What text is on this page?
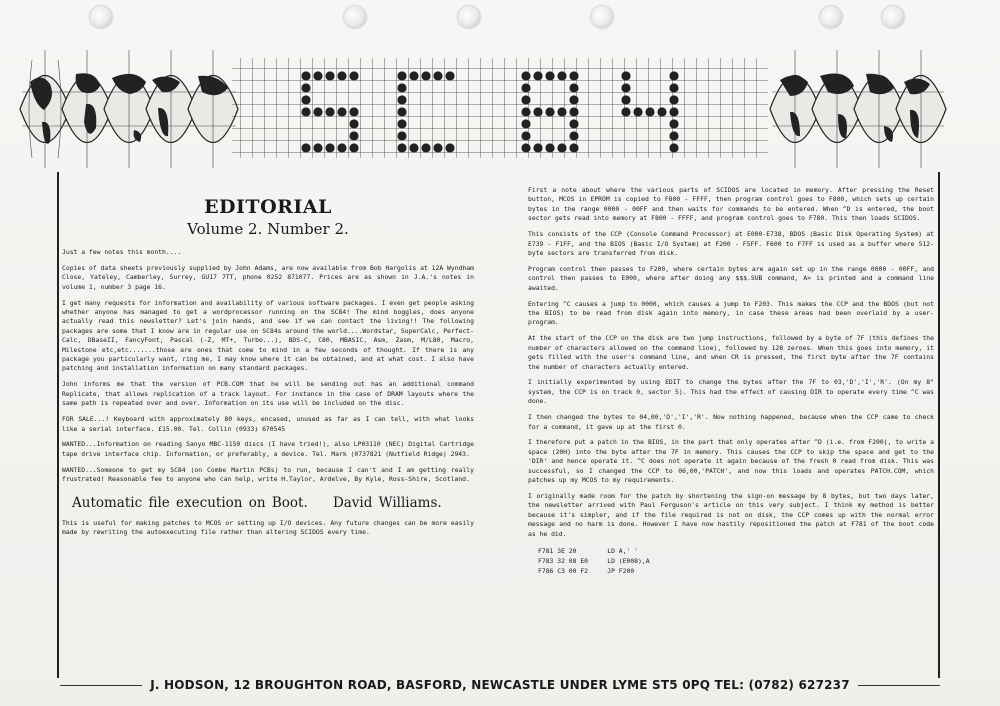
SC 84
EDITORIAL
Volume 2. Number 2.

Just a few notes this month....

Copies of data sheets previously supplied by John Adams, are now available from Bob Hargolis at 12A Wyndham Close, Yateley, Camberley, Surrey, GU17 7TT, phone 0252 871077. Prices are as shown in J.A.'s notes in volume 1, number 3 page 16.

I get many requests for information and availability of various software packages. I even get people asking whether anyone has managed to get a wordprocessor running on the SC84! The mind boggles, does anyone actually read this newsletter? Let's join hands, and see if we can contact the living!! The following packages are some that I know are in regular use on SC84s around the world....Wordstar, SuperCalc, Perfect-Calc, DBaseII, FancyFont, Pascal (-Z, MT+, Turbo...), BDS-C, C80, MBASIC, Asm, Zasm, M/L80, Macro, Milestone etc,etc.......those are ones that come to mind in a few seconds of thought. If there is any package you particularly want, ring me, I may know where it can be obtained, and at what cost. I also have patching and installation information on many standard packages.

John informs me that the version of PCB.COM that he will be sending out has an additional command Replicate, that allows replication of a track layout. For instance in the case of DRAM layouts where the same path is repeated over and over. Information on its use will be included on the disc.

FOR SALE...! Keyboard with approximately 80 keys, encased, unused as far as I can tell, with what looks like a serial interface. £15.00. Tel. Collin (0933) 670545

WANTED...Information on reading Sanyo MBC-1150 discs (I have tried!), also LP03110 (NEC) Digital Cartridge tape drive interface chip. Information, or preferably, a device. Tel. Mark (0737821 (Nutfield Ridge) 2943.

WANTED...Someone to get my SC84 (on Combe Martin PCBs) to run, because I can't and I am getting really frustrated! Reasonable fee to anyone who can help, write H.Taylor, Ardelve, By Kyle, Ross-Shire, Scotland.

Automatic file execution on Boot. David Williams.

This is useful for making patches to MCOS or setting up I/O devices. Any future changes can be more easily made by rewriting the autoexecuting file rather than altering SCIDOS every time.

First a note about where the various parts of SCIDOS are located in memory. After pressing the Reset button, MCOS in EPROM is copied to F800 - FFFF, then program control goes to F800, which sets up certain bytes in the range 0000 - 00FF and then waits for commands to be entered. When ^D is entered, the boot sector gets read into memory at F800 - FFFF, and program control goes to F780. This then loads SCIDOS.

This consists of the CCP (Console Command Processor) at E000-E738, BDOS (Basic Disk Operating System) at E739 - F1FF, and the BIOS (Basic I/O System) at F200 - F5FF. F600 to F7FF is used as a buffer where 512-byte sectors are transferred from disk.

Program control then passes to F200, where certain bytes are again set up in the range 0000 - 00FF, and control then passes to E000, where after doing any $$$.SUB command, A> is printed and a command line awaited.

Entering ^C causes a jump to 0000, which causes a jump to F203. This makes the CCP and the BDOS (but not the BIOS) to be read from disk again into memory, in case these areas had been overlaid by a user-program.

At the start of the CCP on the disk are two jump instructions, followed by a byte of 7F (this defines the number of characters allowed on the command line), followed by 128 zeroes. When this goes into memory, it gets filled with the user's command line, and when CR is pressed, the first byte after the 7F contains the number of characters actually entered.

I initially experimented by using EDIT to change the bytes after the 7F to 03,'D','I','R'. (On my 8" system, the CCP is on track 0, sector 5). This had the effect of causing DIR to operate every time ^C was done.

I then changed the bytes to 04,00,'D','I','R'. Now nothing happened, because when the CCP came to check for a command, it gave up at the first 0.

I therefore put a patch in the BIOS, in the part that only operates after ^D (i.e. from F200), to write a space (20H) into the byte after the 7F in memory. This causes the CCP to skip the space and get to the 'DIR' and hence operate it. ^C does not operate it again because of the fresh 0 read from disk. This was successful, so I changed the CCP to 06,00,'PATCH', and now this loads and operates PATCH.COM, which patches up my MCOS to my requirements.

I originally made room for the patch by shortening the sign-on message by 8 bytes, but two days later, the newsletter arrived with Paul Ferguson's article on this very subject. I think my method is better because it's simpler, and if the file required is not on disk, the CCP comes up with the normal error message and no harm is done. However I have now hastily repositioned the patch at F781 of the boot code as he did.

F781 3E 20        LD A,' '
F783 32 08 E0     LD (E008),A
F786 C3 00 F2     JP F200
J. HODSON, 12 BROUGHTON ROAD, BASFORD, NEWCASTLE UNDER LYME ST5 0PQ TEL: (0782) 627237
